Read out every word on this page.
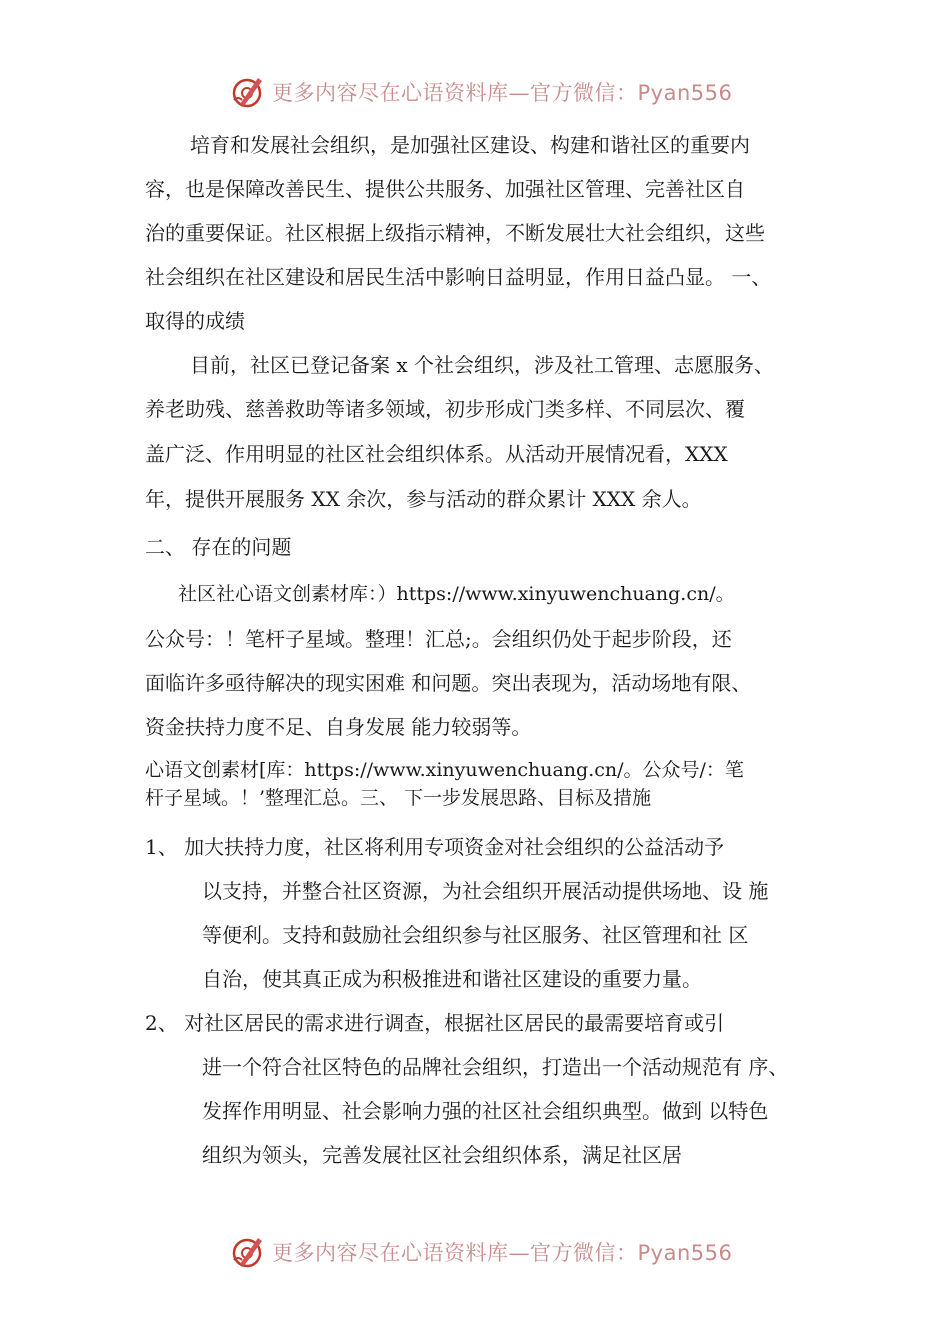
更多内容尽在心语资料库—官方微信：Pyan556
培育和发展社会组织，是加强社区建设、构建和谐社区的重要内
容，也是保障改善民生、提供公共服务、加强社区管理、完善社区自
治的重要保证。社区根据上级指示精神，不断发展壮大社会组织，这些
社会组织在社区建设和居民生活中影响日益明显，作用日益凸显。 一、
取得的成绩
目前，社区已登记备案 x 个社会组织，涉及社工管理、志愿服务、
养老助残、慈善救助等诸多领域，初步形成门类多样、不同层次、覆
盖广泛、作用明显的社区社会组织体系。从活动开展情况看，XXX
年，提供开展服务 XX 余次，参与活动的群众累计 XXX 余人。
二、 存在的问题
社区社心语文创素材库：）https://www.xinyuwenchuang.cn/。
公众号：！笔杆子星域。整理！汇总;。会组织仍处于起步阶段，还
面临许多亟待解决的现实困难 和问题。突出表现为，活动场地有限、
资金扶持力度不足、自身发展 能力较弱等。
心语文创素材[库：https://www.xinyuwenchuang.cn/。公众号/：笔
杆子星域。！’整理汇总。三、 下一步发展思路、目标及措施
1、 加大扶持力度，社区将利用专项资金对社会组织的公益活动予
以支持，并整合社区资源，为社会组织开展活动提供场地、设 施
等便利。支持和鼓励社会组织参与社区服务、社区管理和社 区
自治，使其真正成为积极推进和谐社区建设的重要力量。
2、 对社区居民的需求进行调查，根据社区居民的最需要培育或引
进一个符合社区特色的品牌社会组织，打造出一个活动规范有 序、
发挥作用明显、社会影响力强的社区社会组织典型。做到 以特色
组织为领头，完善发展社区社会组织体系，满足社区居
更多内容尽在心语资料库—官方微信：Pyan556
